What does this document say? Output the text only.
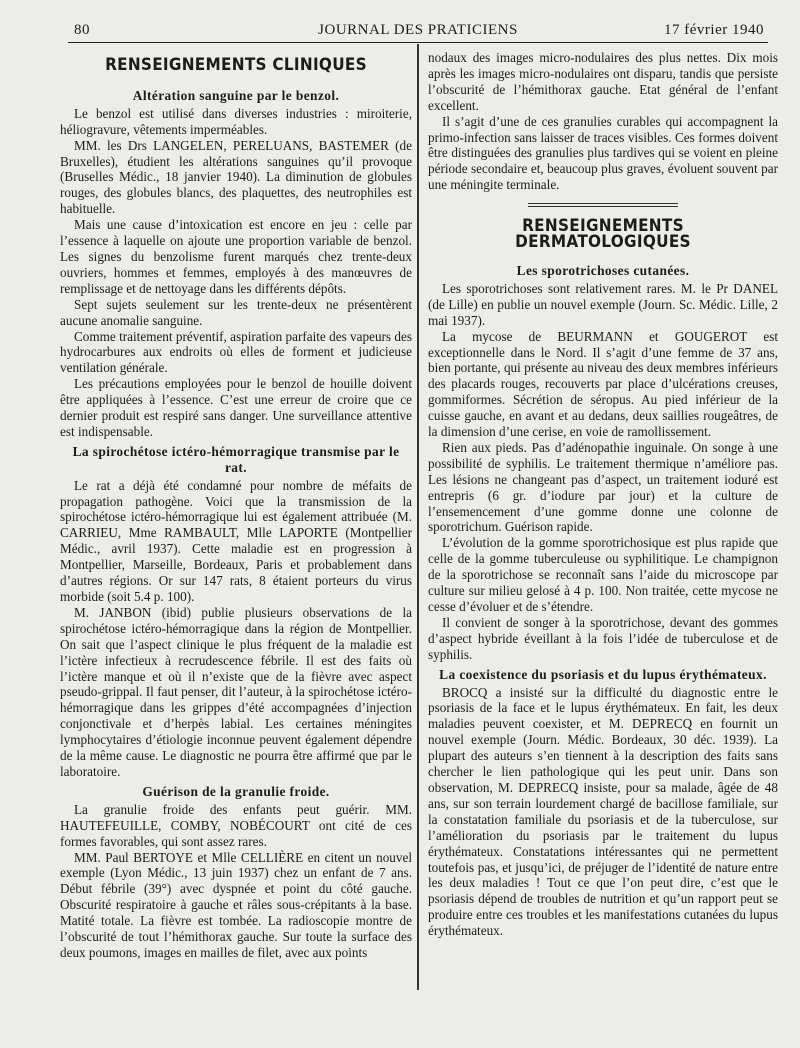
80	JOURNAL DES PRATICIENS	17 février 1940
RENSEIGNEMENTS CLINIQUES
Altération sanguine par le benzol.

Le benzol est utilisé dans diverses industries : miroiterie, héliogravure, vêtements imperméables.

MM. les Drs LANGELEN, PERELUANS, BASTEMER (de Bruxelles), étudient les altérations sanguines qu’il provoque (Bruselles Médic., 18 janvier 1940). La diminution de globules rouges, des globules blancs, des plaquettes, des neutrophiles est habituelle.

Mais une cause d’intoxication est encore en jeu : celle par l’essence à laquelle on ajoute une proportion variable de benzol. Les signes du benzolisme furent marqués chez trente-deux ouvriers, hommes et femmes, employés à des manœuvres de remplissage et de nettoyage dans les différents dépôts.

Sept sujets seulement sur les trente-deux ne présentèrent aucune anomalie sanguine.

Comme traitement préventif, aspiration parfaite des vapeurs des hydrocarbures aux endroits où elles de forment et judicieuse ventilation générale.

Les précautions employées pour le benzol de houille doivent être appliquées à l’essence. C’est une erreur de croire que ce dernier produit est respiré sans danger. Une surveillance attentive est indispensable.

La spirochétose ictéro-hémorragique transmise par le rat.

Le rat a déjà été condamné pour nombre de méfaits de propagation pathogène. Voici que la transmission de la spirochétose ictéro-hémorragique lui est également attribuée (M. CARRIEU, Mme RAMBAULT, Mlle LAPORTE (Montpellier Médic., avril 1937). Cette maladie est en progression à Montpellier, Marseille, Bordeaux, Paris et probablement dans d’autres régions. Or sur 147 rats, 8 étaient porteurs du virus morbide (soit 5.4 p. 100).

M. JANBON (ibid) publie plusieurs observations de la spirochétose ictéro-hémorragique dans la région de Montpellier. On sait que l’aspect clinique le plus fréquent de la maladie est l’ictère infectieux à recrudescence fébrile. Il est des faits où l’ictère manque et où il n’existe que de la fièvre avec aspect pseudo-grippal. Il faut penser, dit l’auteur, à la spirochétose ictéro-hémorragique dans les grippes d’été accompagnées d’injection conjonctivale et d’herpès labial. Les certaines méningites lymphocytaires d’étiologie inconnue peuvent également dépendre de la même cause. Le diagnostic ne pourra être affirmé que par le laboratoire.

Guérison de la granulie froide.

La granulie froide des enfants peut guérir. MM. HAUTEFEUILLE, COMBY, NOBÉCOURT ont cité de ces formes favorables, qui sont assez rares.

MM. Paul BERTOYE et Mlle CELLIÈRE en citent un nouvel exemple (Lyon Médic., 13 juin 1937) chez un enfant de 7 ans. Début fébrile (39°) avec dyspnée et point du côté gauche. Obscurité respiratoire à gauche et râles sous-crépitants à la base. Matité totale. La fièvre est tombée. La radioscopie montre de l’obscurité de tout l’hémithorax gauche. Sur toute la surface des deux poumons, images en mailles de filet, avec aux points

nodaux des images micro-nodulaires des plus nettes. Dix mois après les images micro-nodulaires ont disparu, tandis que persiste l’obscurité de l’hémithorax gauche. Etat général de l’enfant excellent.

Il s’agit d’une de ces granulies curables qui accompagnent la primo-infection sans laisser de traces visibles. Ces formes doivent être distinguées des granulies plus tardives qui se voient en pleine période secondaire et, beaucoup plus graves, évoluent souvent par une méningite terminale.

RENSEIGNEMENTS DERMATOLOGIQUES
Les sporotrichoses cutanées.

Les sporotrichoses sont relativement rares. M. le Pr DANEL (de Lille) en publie un nouvel exemple (Journ. Sc. Médic. Lille, 2 mai 1937).

La mycose de BEURMANN et GOUGEROT est exceptionnelle dans le Nord. Il s’agit d’une femme de 37 ans, bien portante, qui présente au niveau des deux membres inférieurs des placards rouges, recouverts par place d’ulcérations creuses, gommiformes. Sécrétion de séropus. Au pied inférieur de la cuisse gauche, en avant et au dedans, deux saillies rougeâtres, de la dimension d’une cerise, en voie de ramollissement.

Rien aux pieds. Pas d’adénopathie inguinale. On songe à une possibilité de syphilis. Le traitement thermique n’améliore pas. Les lésions ne changeant pas d’aspect, un traitement ioduré est entrepris (6 gr. d’iodure par jour) et la culture de l’ensemencement d’une gomme donne une colonne de sporotrichum. Guérison rapide.

L’évolution de la gomme sporotrichosique est plus rapide que celle de la gomme tuberculeuse ou syphilitique. Le champignon de la sporotrichose se reconnaît sans l’aide du microscope par culture sur milieu gelosé à 4 p. 100. Non traitée, cette mycose ne cesse d’évoluer et de s’étendre.

Il convient de songer à la sporotrichose, devant des gommes d’aspect hybride éveillant à la fois l’idée de tuberculose et de syphilis.

La coexistence du psoriasis et du lupus érythémateux.

BROCQ a insisté sur la difficulté du diagnostic entre le psoriasis de la face et le lupus érythémateux. En fait, les deux maladies peuvent coexister, et M. DEPRECQ en fournit un nouvel exemple (Journ. Médic. Bordeaux, 30 déc. 1939). La plupart des auteurs s’en tiennent à la description des faits sans chercher le lien pathologique qui les peut unir. Dans son observation, M. DEPRECQ insiste, pour sa malade, âgée de 48 ans, sur son terrain lourdement chargé de bacillose familiale, sur la constatation familiale du psoriasis et de la tuberculose, sur l’amélioration du psoriasis par le traitement du lupus érythémateux. Constatations intéressantes qui ne permettent toutefois pas, et jusqu’ici, de préjuger de l’identité de nature entre les deux maladies ! Tout ce que l’on peut dire, c’est que le psoriasis dépend de troubles de nutrition et qu’un rapport peut se produire entre ces troubles et les manifestations cutanées du lupus érythémateux.
